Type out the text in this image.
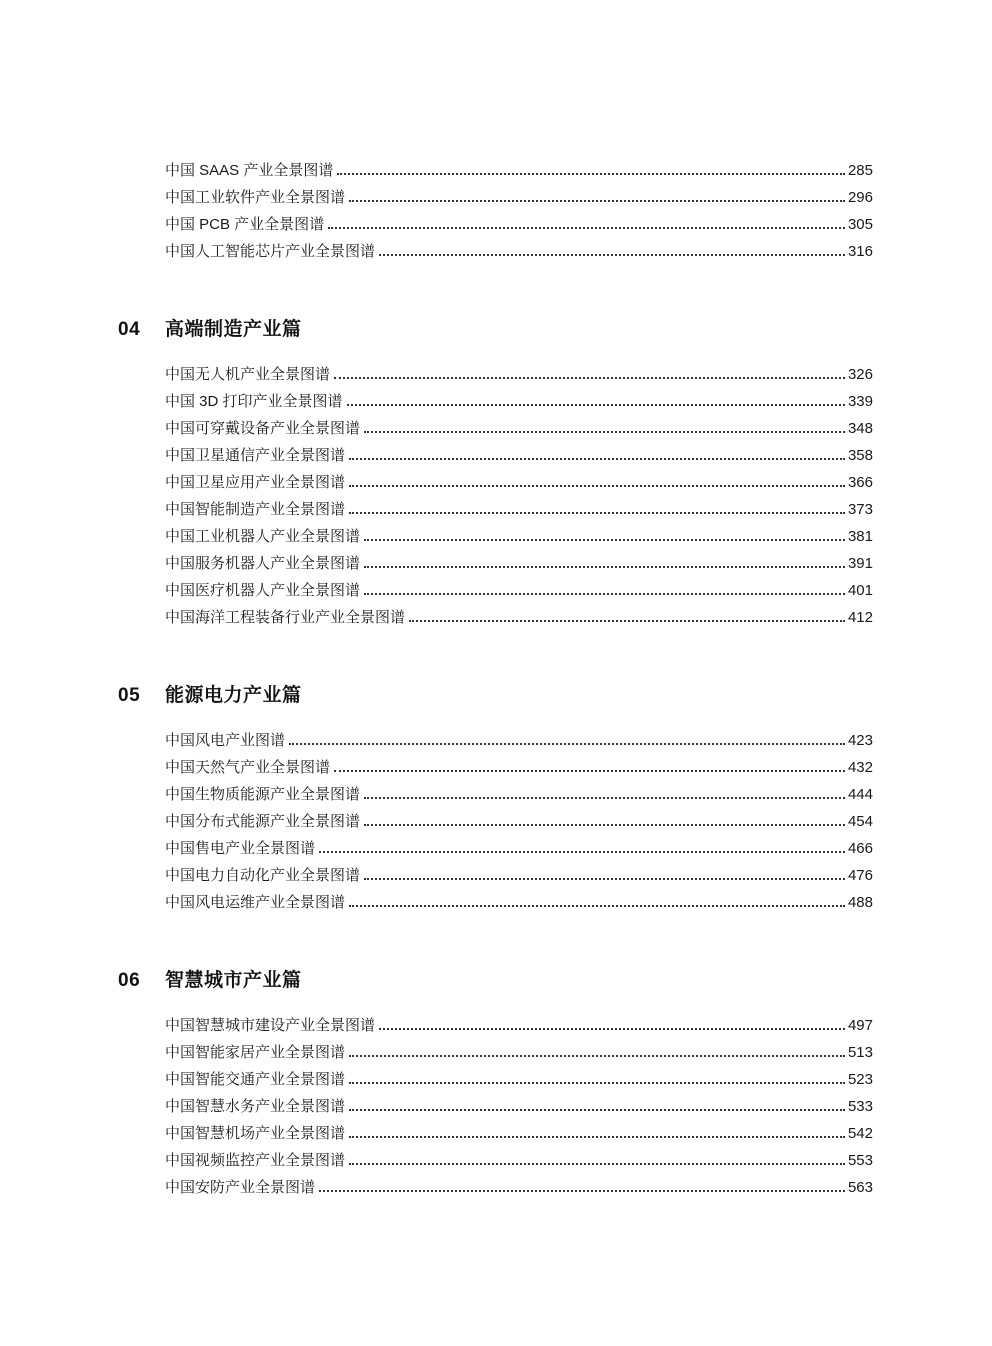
中国 SAAS 产业全景图谱	285
中国工业软件产业全景图谱	296
中国 PCB 产业全景图谱	305
中国人工智能芯片产业全景图谱	316
04	高端制造产业篇
中国无人机产业全景图谱	326
中国 3D 打印产业全景图谱	339
中国可穿戴设备产业全景图谱	348
中国卫星通信产业全景图谱	358
中国卫星应用产业全景图谱	366
中国智能制造产业全景图谱	373
中国工业机器人产业全景图谱	381
中国服务机器人产业全景图谱	391
中国医疗机器人产业全景图谱	401
中国海洋工程装备行业产业全景图谱	412
05	能源电力产业篇
中国风电产业图谱	423
中国天然气产业全景图谱	432
中国生物质能源产业全景图谱	444
中国分布式能源产业全景图谱	454
中国售电产业全景图谱	466
中国电力自动化产业全景图谱	476
中国风电运维产业全景图谱	488
06	智慧城市产业篇
中国智慧城市建设产业全景图谱	497
中国智能家居产业全景图谱	513
中国智能交通产业全景图谱	523
中国智慧水务产业全景图谱	533
中国智慧机场产业全景图谱	542
中国视频监控产业全景图谱	553
中国安防产业全景图谱	563
